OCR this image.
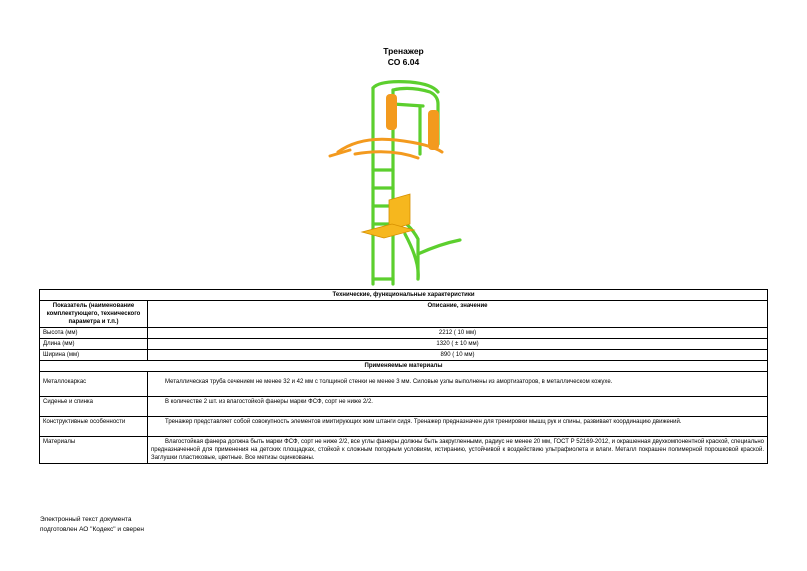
Тренажер
СО 6.04
Технические, функциональные характеристики	
Показатель (наименование комплектующего, технического параметра и т.п.)	Описание, значение
Высота (мм)	2212 ( 10 мм)
Длина (мм)	1320 ( ± 10 мм)
Ширина (мм)	890 ( 10 мм)
Применяемые материалы	
Металлокаркас	Металлическая труба сечением не менее 32 и 42 мм с толщиной стенки не менее 3 мм. Силовые узлы выполнены из амортизаторов, в металлическом кожухе.
Сиденье и спинка	В количестве 2 шт. из влагостойкой фанеры марки ФСФ, сорт не ниже 2/2.
Конструктивные особенности	Тренажер представляет собой совокупность элементов имитирующих жим штанги сидя. Тренажер предназначен для тренировки мышц рук и спины, развивает координацию движений.
Материалы	Влагостойкая фанера должна быть марки ФСФ, сорт не ниже 2/2, все углы фанеры должны быть закругленными, радиус не менее 20 мм, ГОСТ Р 52169-2012, и окрашенная двухкомпонентной краской, специально предназначенной для применения на детских площадках, стойкой к сложным погодным условиям, истиранию, устойчивой к воздействию ультрафиолета и влаги. Металл покрашен полимерной порошковой краской. Заглушки пластиковые, цветные. Все метизы оцинкованы.
Электронный текст документа
подготовлен АО "Кодекс" и сверен
